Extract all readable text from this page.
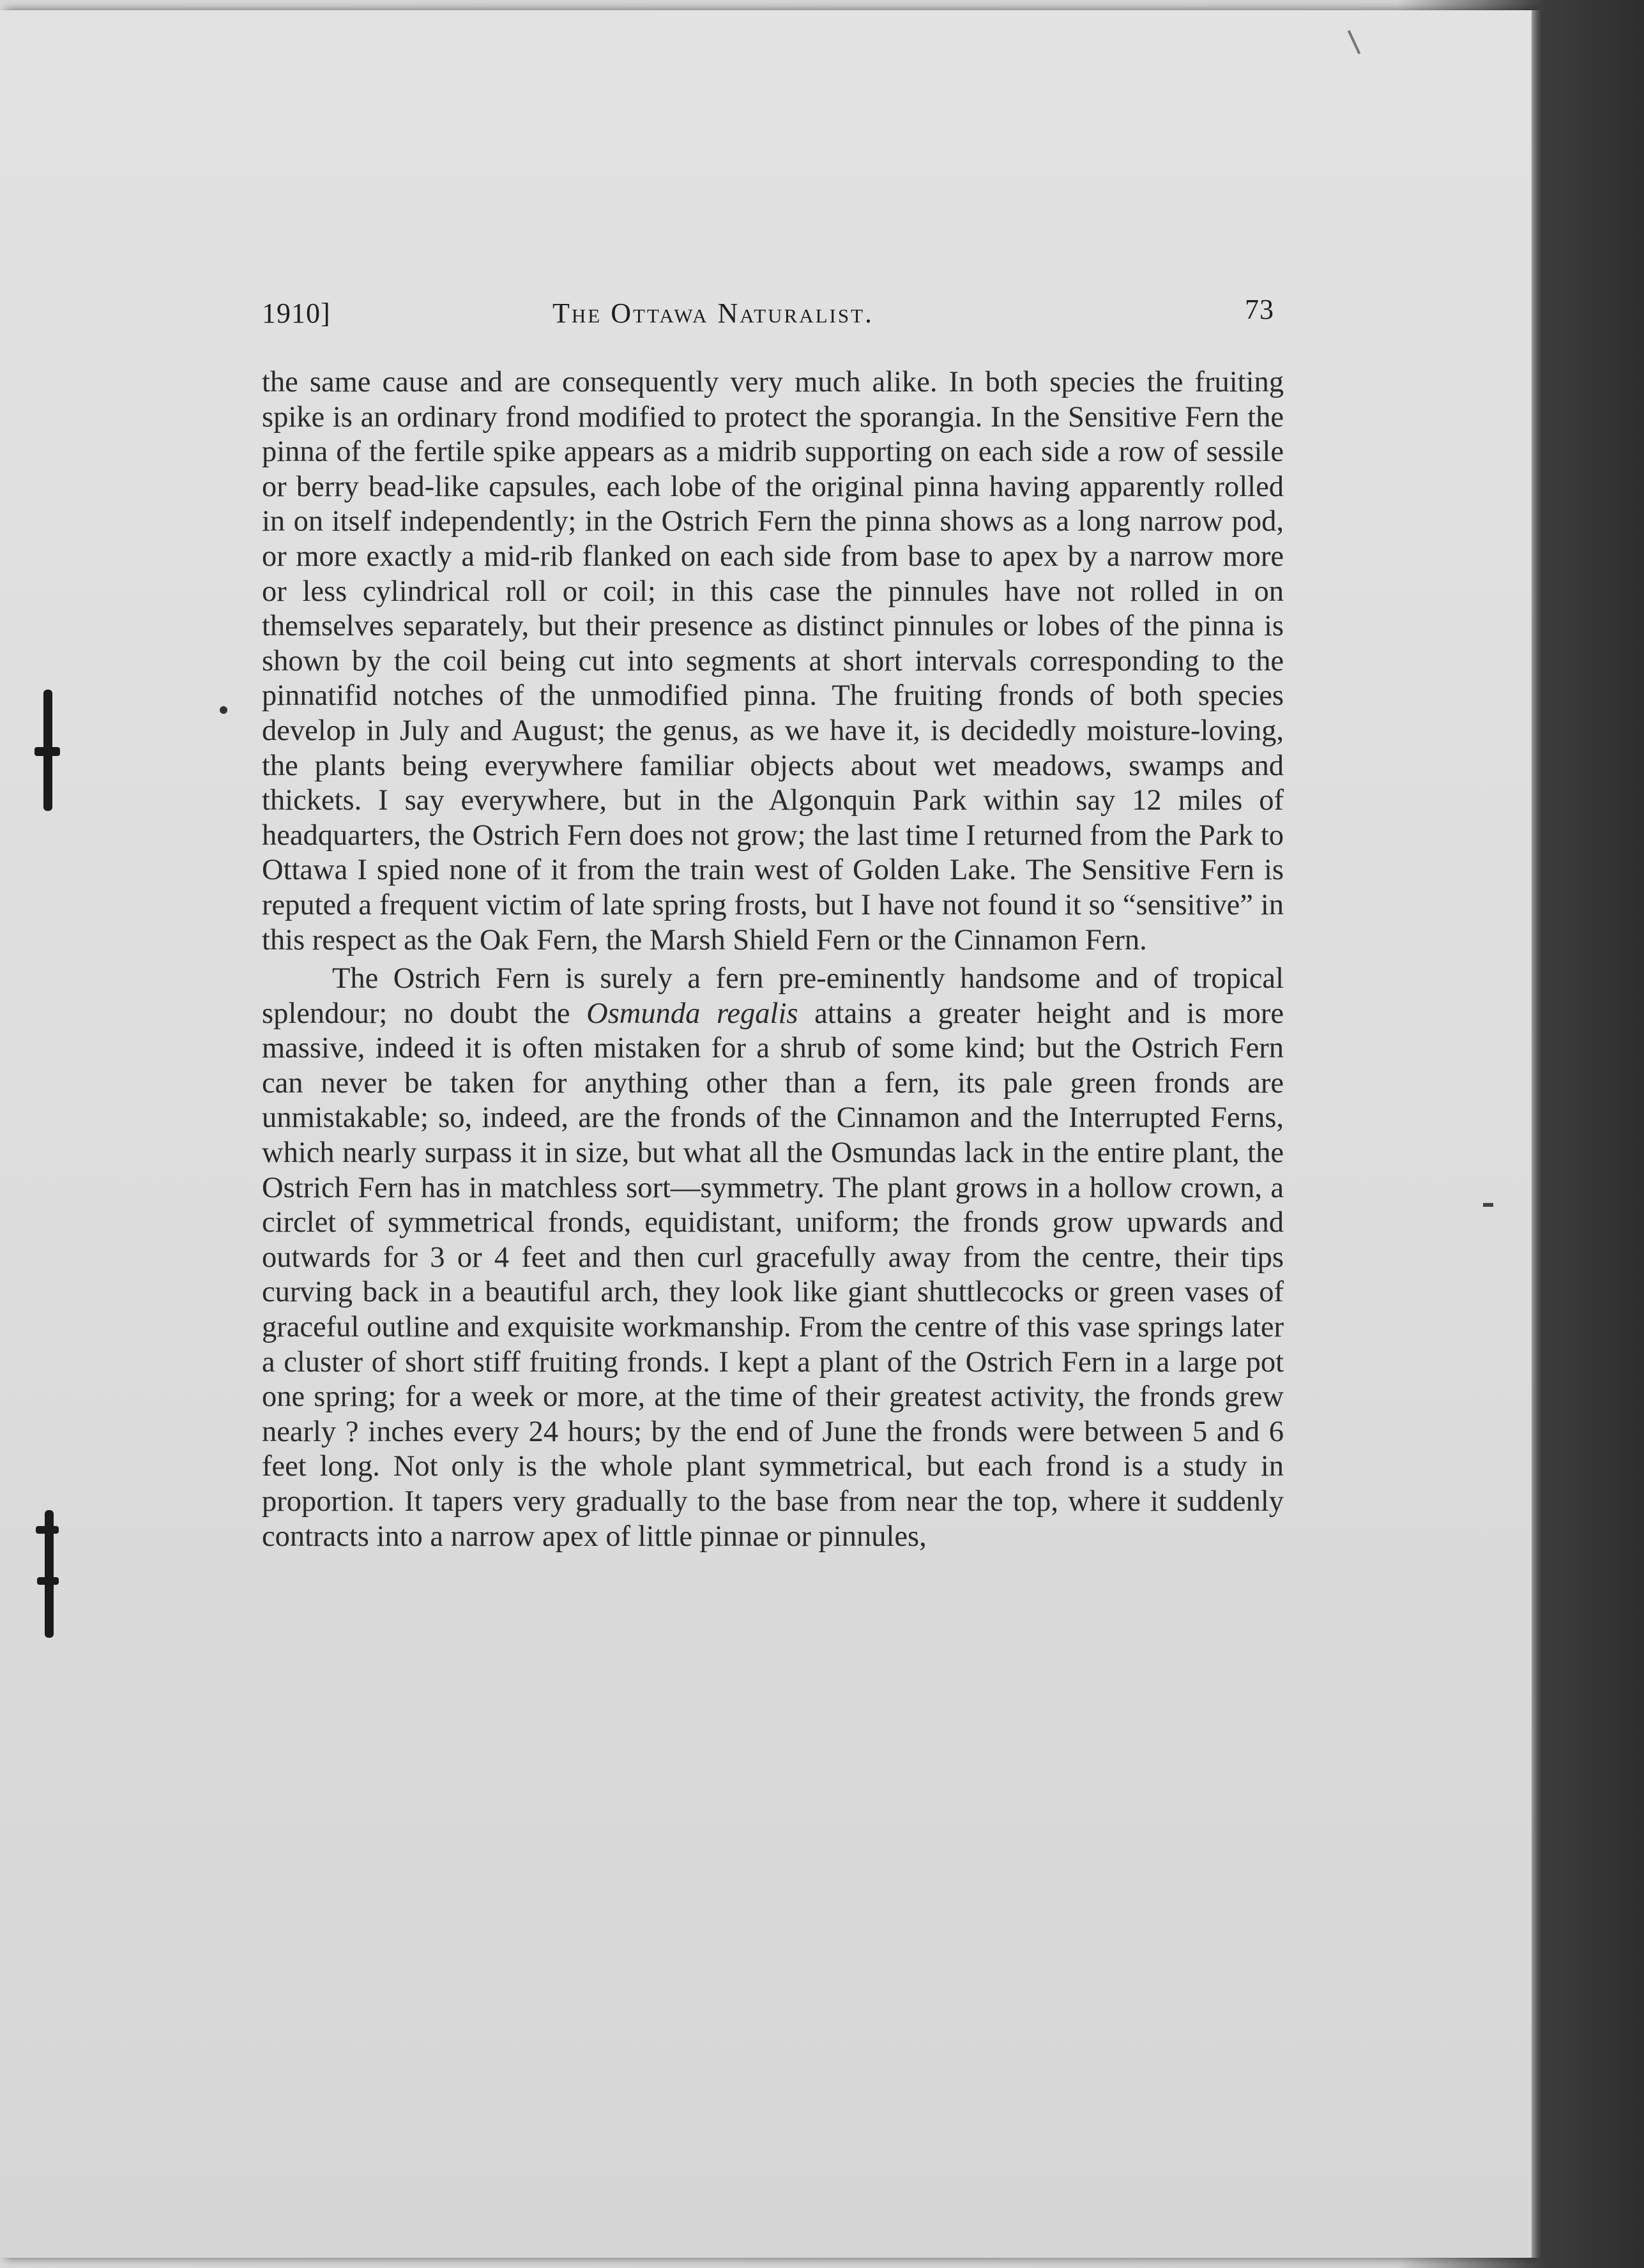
1910]	The Ottawa Naturalist.	73

the same cause and are consequently very much alike. In both species the fruiting spike is an ordinary frond modified to protect the sporangia. In the Sensitive Fern the pinna of the fertile spike appears as a midrib supporting on each side a row of sessile or berry bead-like capsules, each lobe of the original pinna having apparently rolled in on itself independently; in the Ostrich Fern the pinna shows as a long narrow pod, or more exactly a mid-rib flanked on each side from base to apex by a narrow more or less cylindrical roll or coil; in this case the pinnules have not rolled in on themselves separately, but their presence as distinct pinnules or lobes of the pinna is shown by the coil being cut into segments at short intervals corresponding to the pinnatifid notches of the unmodified pinna. The fruiting fronds of both species develop in July and August; the genus, as we have it, is decidedly moisture-loving, the plants being everywhere familiar objects about wet meadows, swamps and thickets. I say everywhere, but in the Algonquin Park within say 12 miles of headquarters, the Ostrich Fern does not grow; the last time I returned from the Park to Ottawa I spied none of it from the train west of Golden Lake. The Sensitive Fern is reputed a frequent victim of late spring frosts, but I have not found it so “sensitive” in this respect as the Oak Fern, the Marsh Shield Fern or the Cinnamon Fern.

The Ostrich Fern is surely a fern pre-eminently handsome and of tropical splendour; no doubt the Osmunda regalis attains a greater height and is more massive, indeed it is often mistaken for a shrub of some kind; but the Ostrich Fern can never be taken for anything other than a fern, its pale green fronds are unmistakable; so, indeed, are the fronds of the Cinnamon and the Interrupted Ferns, which nearly surpass it in size, but what all the Osmundas lack in the entire plant, the Ostrich Fern has in matchless sort—symmetry. The plant grows in a hollow crown, a circlet of symmetrical fronds, equidistant, uniform; the fronds grow upwards and outwards for 3 or 4 feet and then curl gracefully away from the centre, their tips curving back in a beautiful arch, they look like giant shuttlecocks or green vases of graceful outline and exquisite workmanship. From the centre of this vase springs later a cluster of short stiff fruiting fronds. I kept a plant of the Ostrich Fern in a large pot one spring; for a week or more, at the time of their greatest activity, the fronds grew nearly ? inches every 24 hours; by the end of June the fronds were between 5 and 6 feet long. Not only is the whole plant symmetrical, but each frond is a study in proportion. It tapers very gradually to the base from near the top, where it suddenly contracts into a narrow apex of little pinnae or pinnules,
